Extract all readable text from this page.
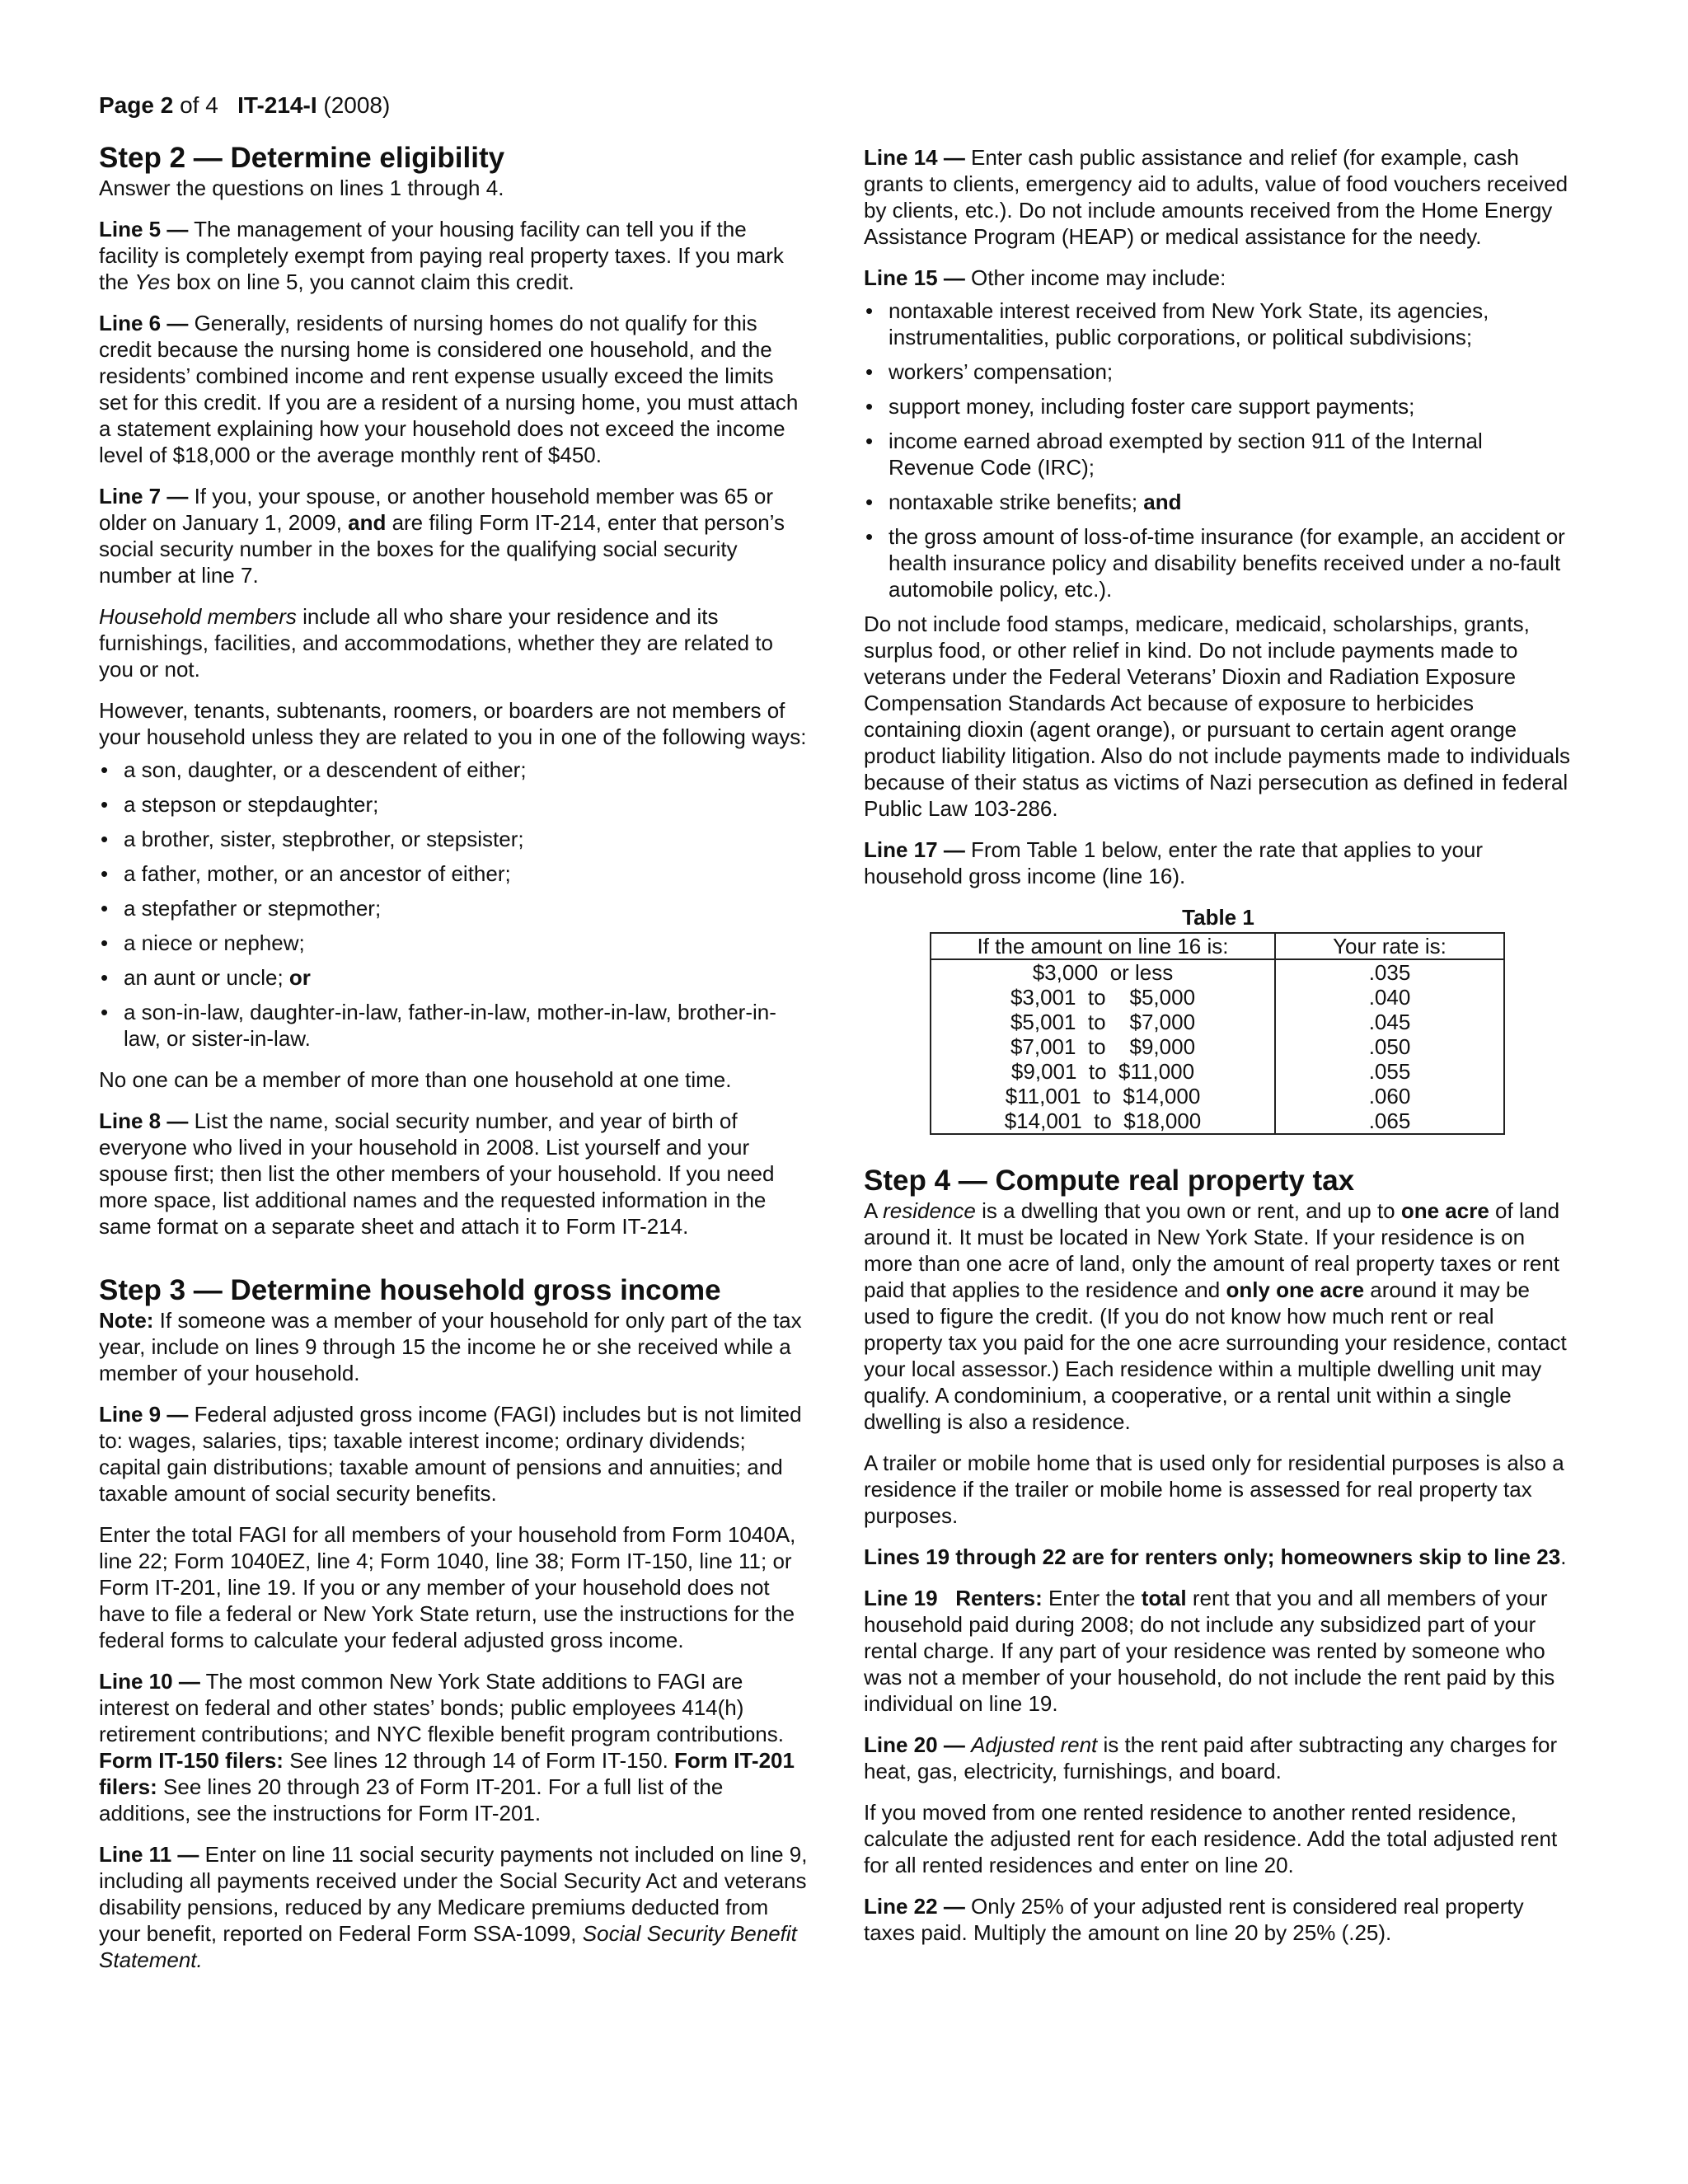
Page 2 of 4 IT-214-I (2008)
Step 2 — Determine eligibility

Answer the questions on lines 1 through 4.

Line 5 — The management of your housing facility can tell you if the facility is completely exempt from paying real property taxes. If you mark the Yes box on line 5, you cannot claim this credit.

Line 6 — Generally, residents of nursing homes do not qualify for this credit because the nursing home is considered one household, and the residents’ combined income and rent expense usually exceed the limits set for this credit. If you are a resident of a nursing home, you must attach a statement explaining how your household does not exceed the income level of $18,000 or the average monthly rent of $450.

Line 7 — If you, your spouse, or another household member was 65 or older on January 1, 2009, and are filing Form IT-214, enter that person’s social security number in the boxes for the qualifying social security number at line 7.

Household members include all who share your residence and its furnishings, facilities, and accommodations, whether they are related to you or not.

However, tenants, subtenants, roomers, or boarders are not members of your household unless they are related to you in one of the following ways:

• a son, daughter, or a descendent of either;
• a stepson or stepdaughter;
• a brother, sister, stepbrother, or stepsister;
• a father, mother, or an ancestor of either;
• a stepfather or stepmother;
• a niece or nephew;
• an aunt or uncle; or
• a son-in-law, daughter-in-law, father-in-law, mother-in-law, brother-in-law, or sister-in-law.

No one can be a member of more than one household at one time.

Line 8 — List the name, social security number, and year of birth of everyone who lived in your household in 2008. List yourself and your spouse first; then list the other members of your household. If you need more space, list additional names and the requested information in the same format on a separate sheet and attach it to Form IT-214.

Step 3 — Determine household gross income

Note: If someone was a member of your household for only part of the tax year, include on lines 9 through 15 the income he or she received while a member of your household.

Line 9 — Federal adjusted gross income (FAGI) includes but is not limited to: wages, salaries, tips; taxable interest income; ordinary dividends; capital gain distributions; taxable amount of pensions and annuities; and taxable amount of social security benefits.

Enter the total FAGI for all members of your household from Form 1040A, line 22; Form 1040EZ, line 4; Form 1040, line 38; Form IT-150, line 11; or Form IT-201, line 19. If you or any member of your household does not have to file a federal or New York State return, use the instructions for the federal forms to calculate your federal adjusted gross income.

Line 10 — The most common New York State additions to FAGI are interest on federal and other states’ bonds; public employees 414(h) retirement contributions; and NYC flexible benefit program contributions. Form IT-150 filers: See lines 12 through 14 of Form IT-150. Form IT-201 filers: See lines 20 through 23 of Form IT-201. For a full list of the additions, see the instructions for Form IT-201.

Line 11 — Enter on line 11 social security payments not included on line 9, including all payments received under the Social Security Act and veterans disability pensions, reduced by any Medicare premiums deducted from your benefit, reported on Federal Form SSA-1099, Social Security Benefit Statement.

Line 14 — Enter cash public assistance and relief (for example, cash grants to clients, emergency aid to adults, value of food vouchers received by clients, etc.). Do not include amounts received from the Home Energy Assistance Program (HEAP) or medical assistance for the needy.

Line 15 — Other income may include:

• nontaxable interest received from New York State, its agencies, instrumentalities, public corporations, or political subdivisions;
• workers’ compensation;
• support money, including foster care support payments;
• income earned abroad exempted by section 911 of the Internal Revenue Code (IRC);
• nontaxable strike benefits; and
• the gross amount of loss-of-time insurance (for example, an accident or health insurance policy and disability benefits received under a no-fault automobile policy, etc.).

Do not include food stamps, medicare, medicaid, scholarships, grants, surplus food, or other relief in kind. Do not include payments made to veterans under the Federal Veterans’ Dioxin and Radiation Exposure Compensation Standards Act because of exposure to herbicides containing dioxin (agent orange), or pursuant to certain agent orange product liability litigation. Also do not include payments made to individuals because of their status as victims of Nazi persecution as defined in federal Public Law 103-286.

Line 17 — From Table 1 below, enter the rate that applies to your household gross income (line 16).

Table 1
If the amount on line 16 is:	Your rate is:
$3,000  or less	.035
$3,001  to    $5,000	.040
$5,001  to    $7,000	.045
$7,001  to    $9,000	.050
$9,001  to  $11,000	.055
$11,001  to  $14,000	.060
$14,001  to  $18,000	.065
Step 4 — Compute real property tax

A residence is a dwelling that you own or rent, and up to one acre of land around it. It must be located in New York State. If your residence is on more than one acre of land, only the amount of real property taxes or rent paid that applies to the residence and only one acre around it may be used to figure the credit. (If you do not know how much rent or real property tax you paid for the one acre surrounding your residence, contact your local assessor.) Each residence within a multiple dwelling unit may qualify. A condominium, a cooperative, or a rental unit within a single dwelling is also a residence.

A trailer or mobile home that is used only for residential purposes is also a residence if the trailer or mobile home is assessed for real property tax purposes.

Lines 19 through 22 are for renters only; homeowners skip to line 23.

Line 19 Renters: Enter the total rent that you and all members of your household paid during 2008; do not include any subsidized part of your rental charge. If any part of your residence was rented by someone who was not a member of your household, do not include the rent paid by this individual on line 19.

Line 20 — Adjusted rent is the rent paid after subtracting any charges for heat, gas, electricity, furnishings, and board.

If you moved from one rented residence to another rented residence, calculate the adjusted rent for each residence. Add the total adjusted rent for all rented residences and enter on line 20.

Line 22 — Only 25% of your adjusted rent is considered real property taxes paid. Multiply the amount on line 20 by 25% (.25).
